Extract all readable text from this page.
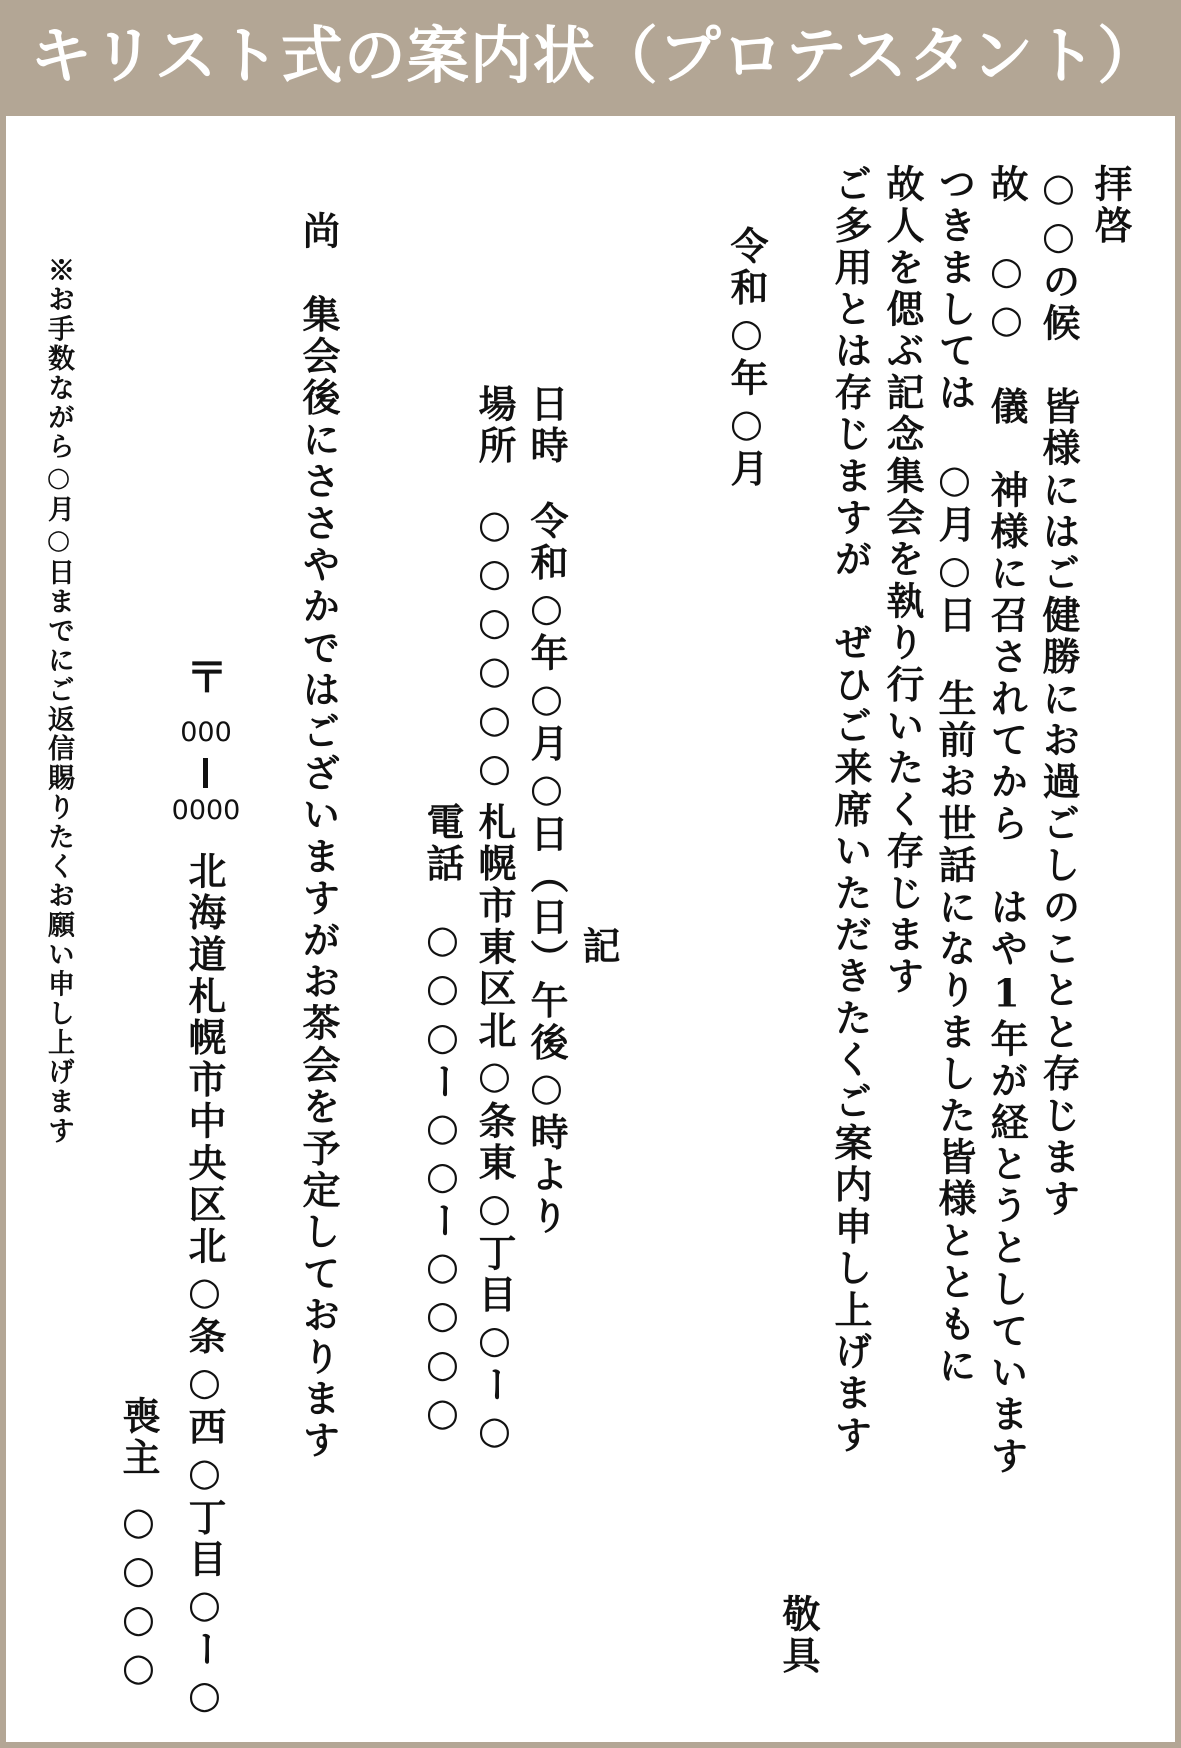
キリスト式の案内状（プロテスタント）
拝啓
○○の候　皆様にはご健勝にお過ごしのことと存じます
故　○○　儀　神様に召されてから　はや1年が経とうとしています
つきましては　○月○日　生前お世話になりました皆様とともに
故人を偲ぶ記念集会を執り行いたく存じます
ご多用とは存じますが　ぜひご来席いただきたくご案内申し上げます
敬具
令和○年○月
記
日時
令和○年○月○日（日）午後○時より
場所
○○○○○○
札幌市東区北○条東○丁目○ー○
電話
○○○ー○○ー○○○○
尚　集会後にささやかではございますがお茶会を予定しております
〒
000
0000
北海道札幌市中央区北○条○西○丁目○ー○
喪主
○○○○
※お手数ながら○月○日までにご返信賜りたくお願い申し上げます
